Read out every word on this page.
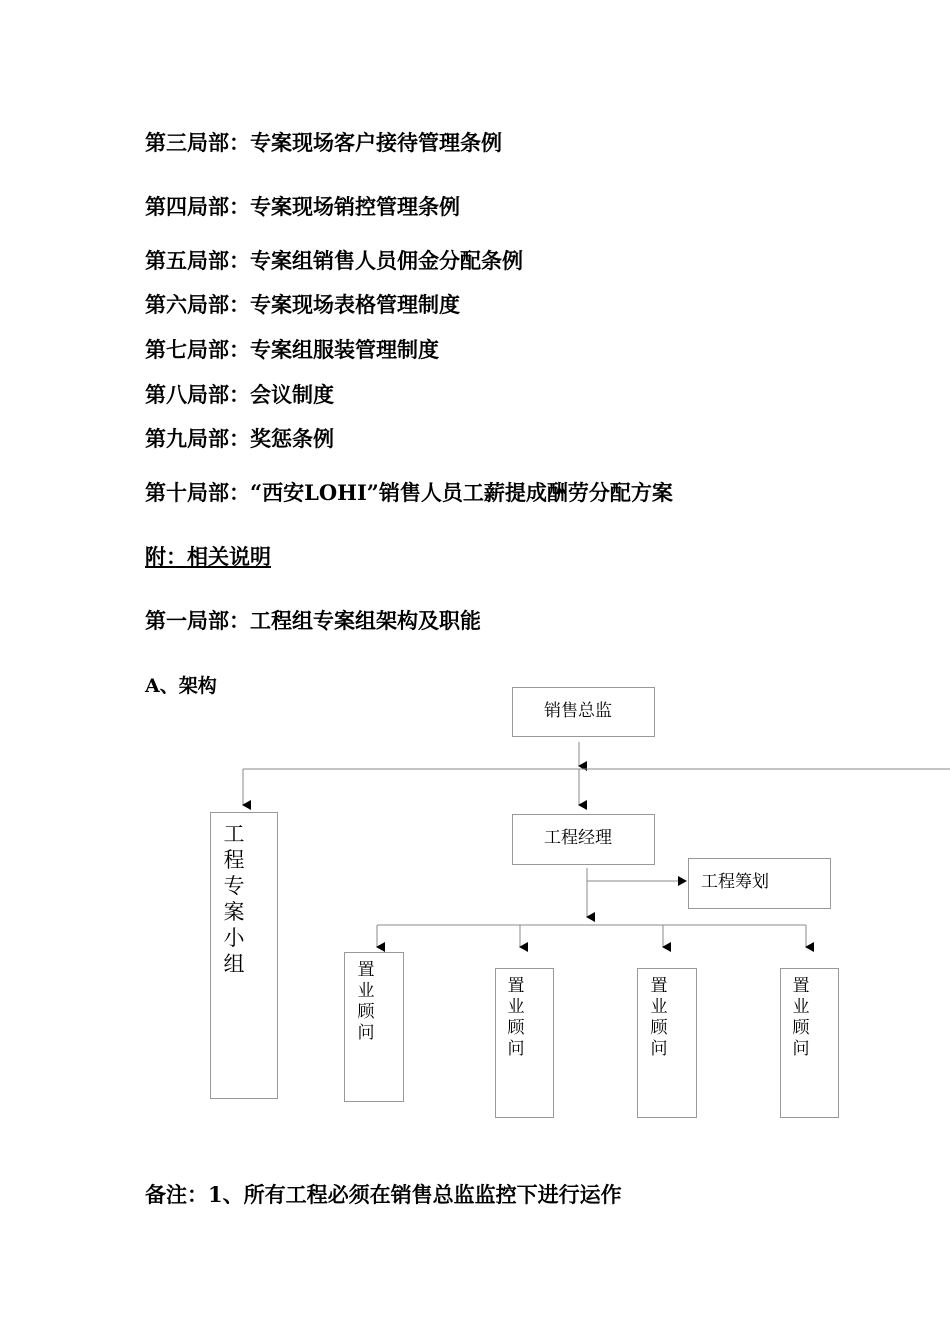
第三局部：专案现场客户接待管理条例
第四局部：专案现场销控管理条例
第五局部：专案组销售人员佣金分配条例
第六局部：专案现场表格管理制度
第七局部：专案组服装管理制度
第八局部：会议制度
第九局部：奖惩条例
第十局部：“西安LOHI”销售人员工薪提成酬劳分配方案
附：相关说明
第一局部：工程组专案组架构及职能
A、架构
销售总监
工程经理
工程筹划
工
程
专
案
小
组	置
业
顾
问
置
业
顾
问
置
业
顾
问
置
业
顾
问
备注：1、所有工程必须在销售总监监控下进行运作
